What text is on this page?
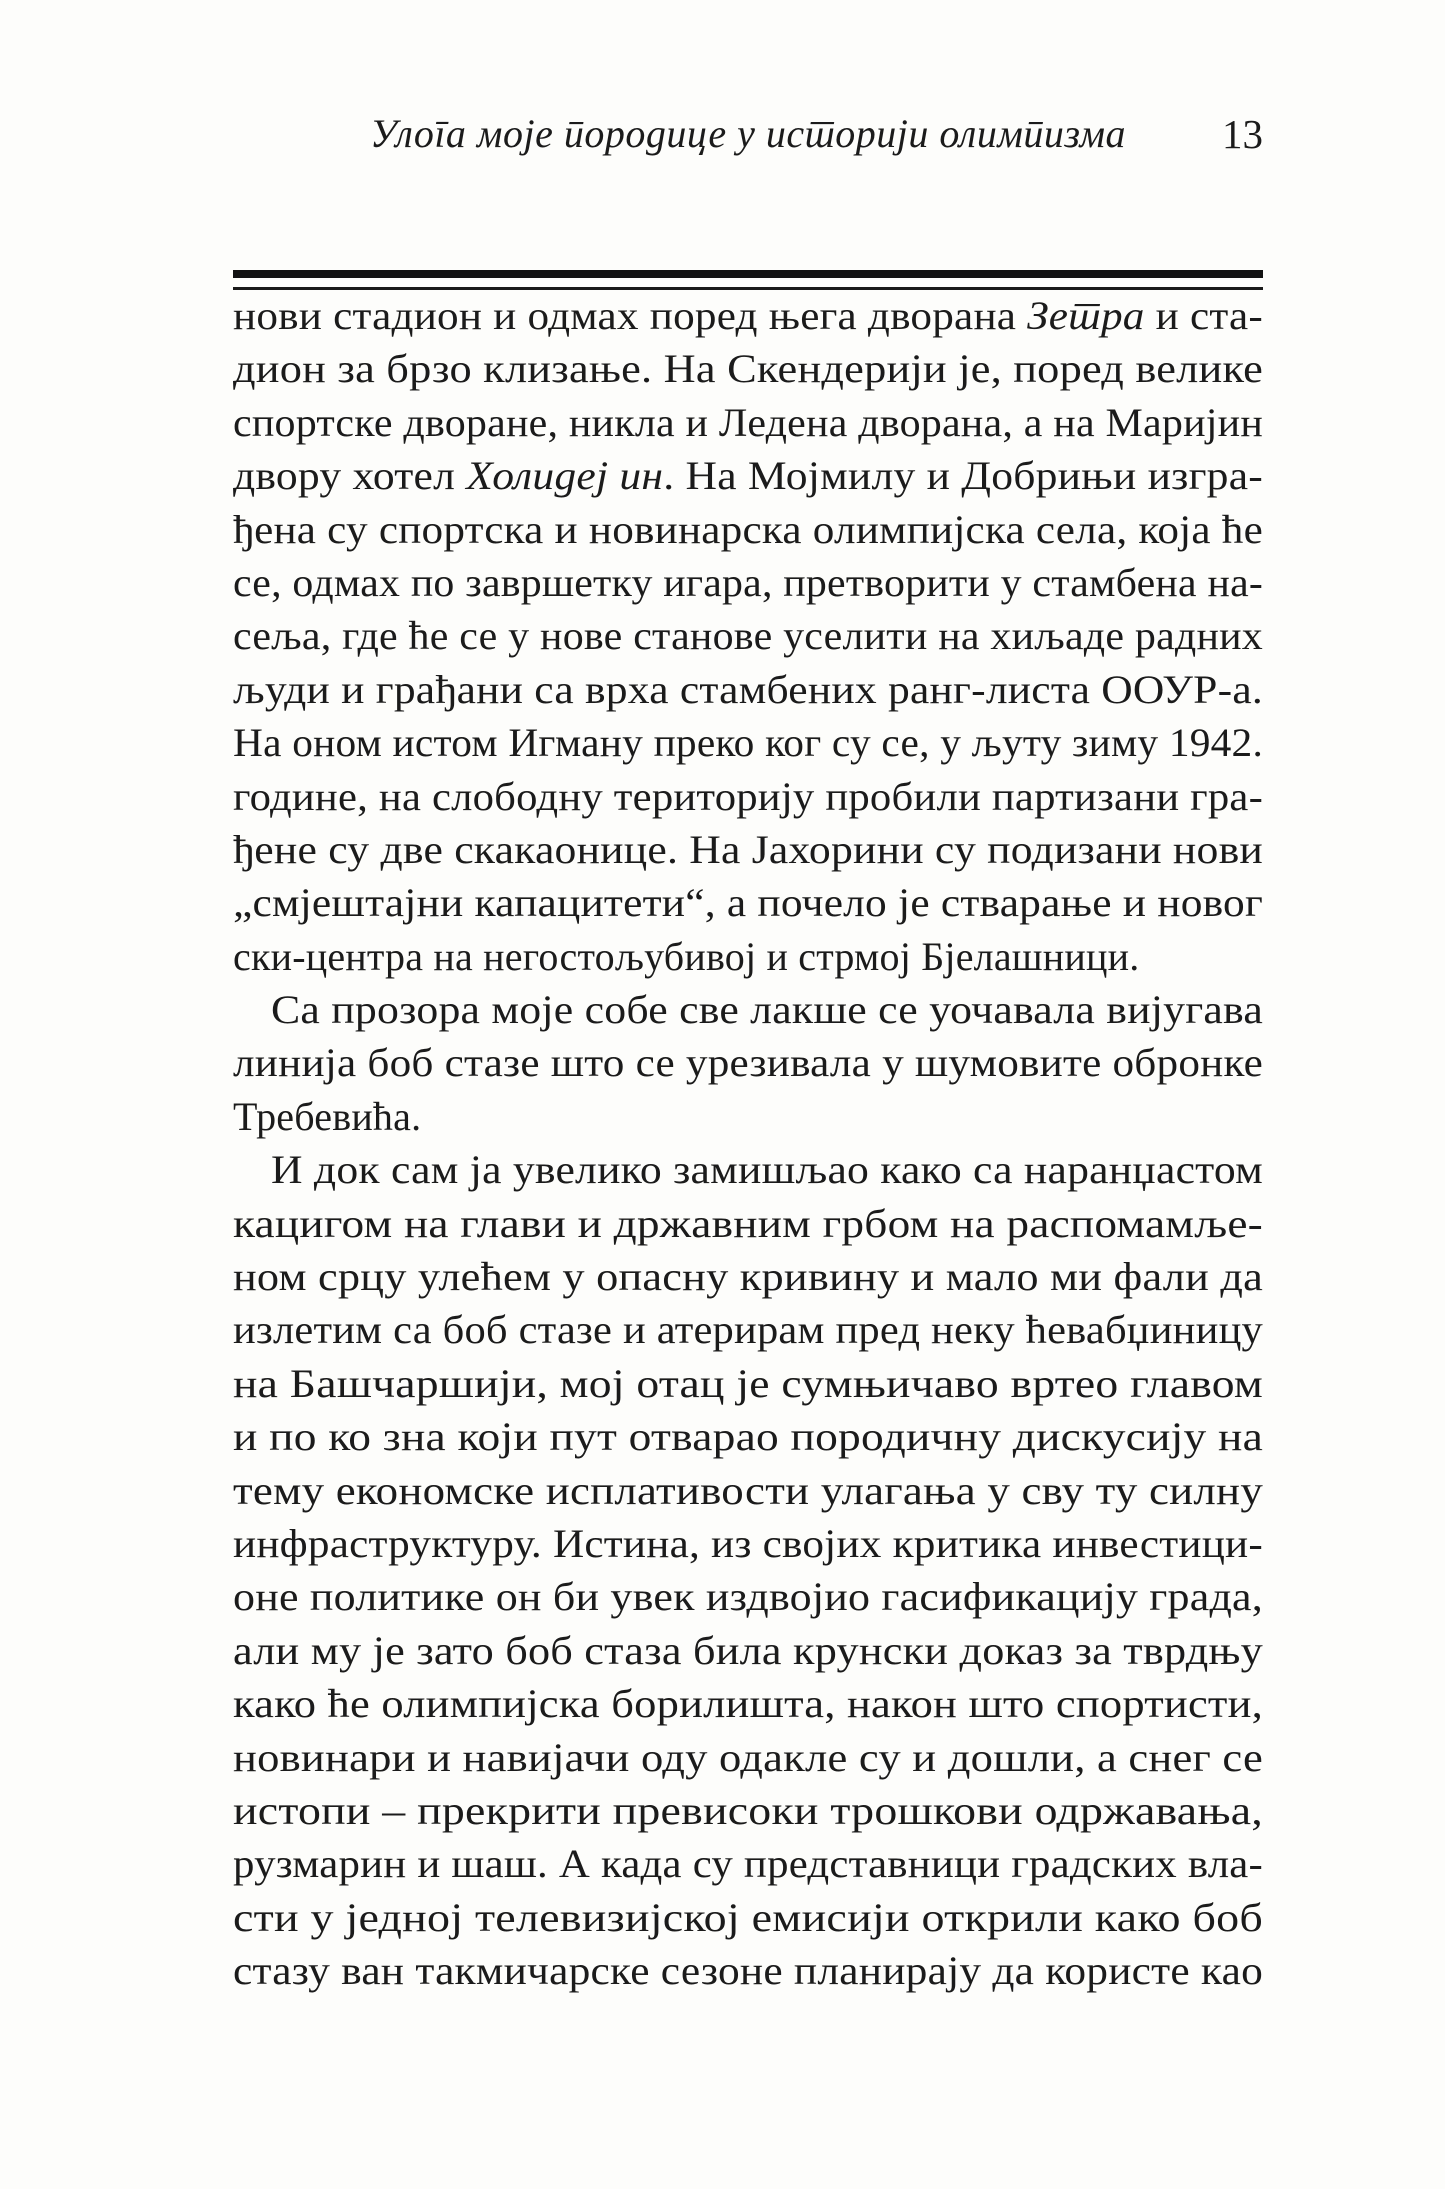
Улога моје породице у историји олимпизма	13
нови стадион и одмах поред њега дворана Зетра и ста-
дион за брзо клизање. На Скендерији је, поред велике
спортске дворане, никла и Ледена дворана, а на Маријин
двору хотел Холидеј ин. На Мојмилу и Добрињи изгра-
ђена су спортска и новинарска олимпијска села, која ће
се, одмах по завршетку игара, претворити у стамбена на-
сеља, где ће се у нове станове уселити на хиљаде радних
људи и грађани са врха стамбених ранг-листа ООУР-а.
На оном истом Игману преко ког су се, у љуту зиму 1942.
године, на слободну територију пробили партизани гра-
ђене су две скакаонице. На Јахорини су подизани нови
„смјештајни капацитети“, а почело је стварање и новог
ски-центра на негостољубивој и стрмој Бјелашници.
Са прозора моје собе све лакше се уочавала вијугава
линија боб стазе што се урезивала у шумовите обронке
Требевића.
И док сам ја увелико замишљао како са наранџастом
кацигом на глави и државним грбом на распомамље-
ном срцу улећем у опасну кривину и мало ми фали да
излетим са боб стазе и атерирам пред неку ћевабџиницу
на Башчаршији, мој отац је сумњичаво вртео главом
и по ко зна који пут отварао породичну дискусију на
тему економске исплативости улагања у сву ту силну
инфраструктуру. Истина, из својих критика инвестици-
оне политике он би увек издвојио гасификацију града,
али му је зато боб стаза била крунски доказ за тврдњу
како ће олимпијска борилишта, након што спортисти,
новинари и навијачи оду одакле су и дошли, а снег се
истопи – прекрити превисоки трошкови одржавања,
рузмарин и шаш. А када су представници градских вла-
сти у једној телевизијској емисији открили како боб
стазу ван такмичарске сезоне планирају да користе као
